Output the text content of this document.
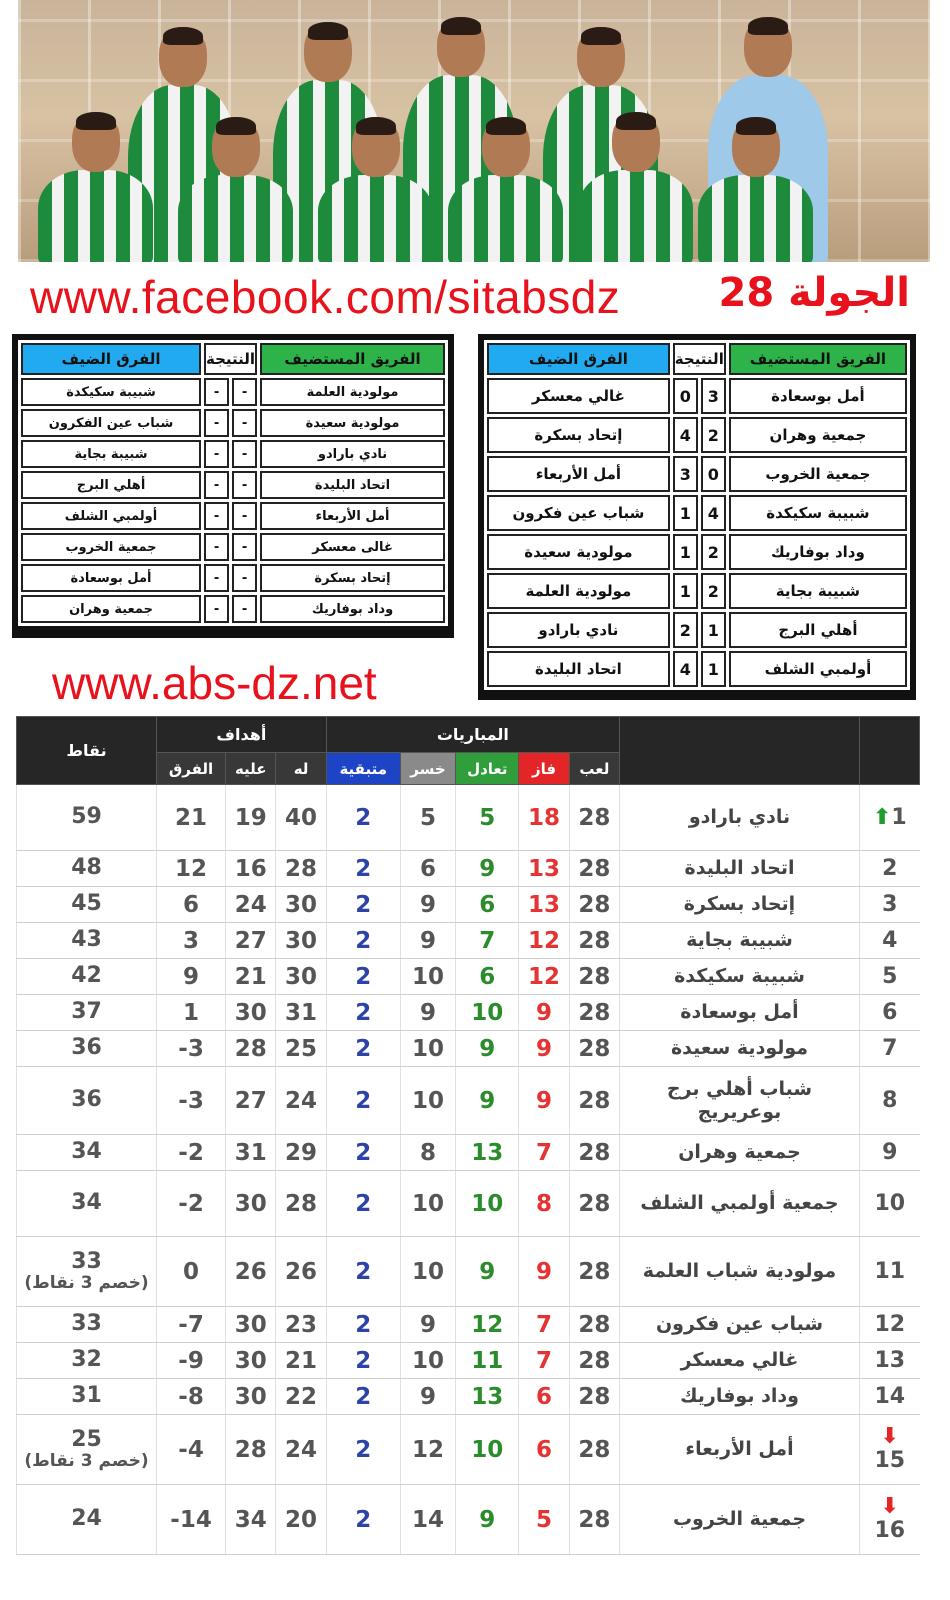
www.facebook.com/sitabsdz الجولة 28
الفريق المستضيف	النتيجة		الفرق الضيف
أمل بوسعادة	3	0	غالي معسكر
جمعية وهران	2	4	إتحاد بسكرة
جمعية الخروب	0	3	أمل الأربعاء
شبيبة سكيكدة	4	1	شباب عين فكرون
وداد بوفاريك	2	1	مولودية سعيدة
شبيبة بجاية	2	1	مولودية العلمة
أهلي البرج	1	2	نادي بارادو
أولمبي الشلف	1	4	اتحاد البليدة
الفريق المستضيف	النتيجة		الفرق الضيف
مولودية العلمة	-	-	شبيبة سكيكدة
مولودية سعيدة	-	-	شباب عين الفكرون
نادي بارادو	-	-	شبيبة بجاية
اتحاد البليدة	-	-	أهلي البرج
أمل الأربعاء	-	-	أولمبي الشلف
غالى معسكر	-	-	جمعية الخروب
إتحاد بسكرة	-	-	أمل بوسعادة
وداد بوفاريك	-	-	جمعية وهران
www.abs-dz.net
		المباريات					أهداف			نقاط
		لعب	فاز	تعادل	خسر	متبقية	له	عليه	الفرق	
1⬆	نادي بارادو	28	18	5	5	2	40	19	21	59
2	اتحاد البليدة	28	13	9	6	2	28	16	12	48
3	إتحاد بسكرة	28	13	6	9	2	30	24	6	45
4	شبيبة بجاية	28	12	7	9	2	30	27	3	43
5	شبيبة سكيكدة	28	12	6	10	2	30	21	9	42
6	أمل بوسعادة	28	9	10	9	2	31	30	1	37
7	مولودية سعيدة	28	9	9	10	2	25	28	3-	36
8	شباب أهلي برج بوعريريج	28	9	9	10	2	24	27	3-	36
9	جمعية وهران	28	7	13	8	2	29	31	2-	34
10	جمعية أولمبي الشلف	28	8	10	10	2	28	30	2-	34
11	مولودية شباب العلمة	28	9	9	10	2	26	26	0	33
(خصم 3 نقاط)

12	شباب عين فكرون	28	7	12	9	2	23	30	7-	33
13	غالي معسكر	28	7	11	10	2	21	30	9-	32
14	وداد بوفاريك	28	6	13	9	2	22	30	8-	31

⬇
15	أمل الأربعاء	28	6	10	12	2	24	28	4-	25
(خصم 3 نقاط)

⬇
16	جمعية الخروب	28	5	9	14	2	20	34	14-	24
